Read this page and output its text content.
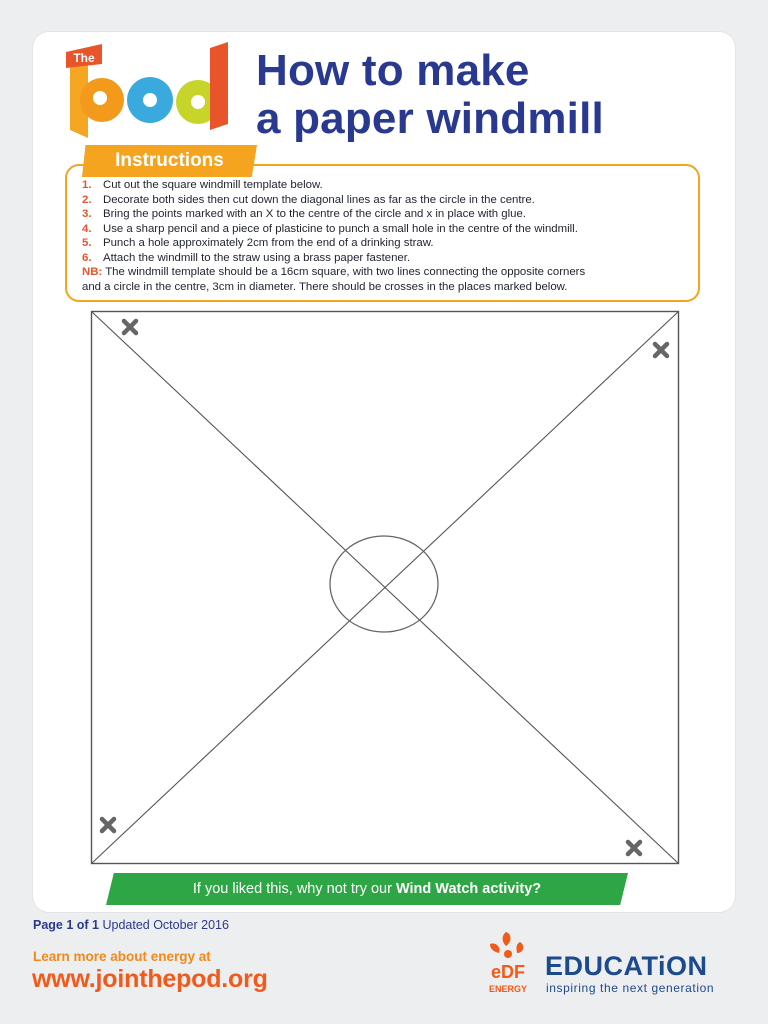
The	How to make
a paper windmill
Instructions
1. Cut out the square windmill template below.
2. Decorate both sides then cut down the diagonal lines as far as the circle in the centre.
3. Bring the points marked with an X to the centre of the circle and x in place with glue.
4. Use a sharp pencil and a piece of plasticine to punch a small hole in the centre of the windmill.
5. Punch a hole approximately 2cm from the end of a drinking straw.
6. Attach the windmill to the straw using a brass paper fastener.
NB: The windmill template should be a 16cm square, with two lines connecting the opposite corners
and a circle in the centre, 3cm in diameter. There should be crosses in the places marked below.
If you liked this, why not try our Wind Watch activity?
Page 1 of 1 Updated October 2016
Learn more about energy at
www.jointhepod.org	eDF
ENERGY
EDUCATiON
inspiring the next generation
